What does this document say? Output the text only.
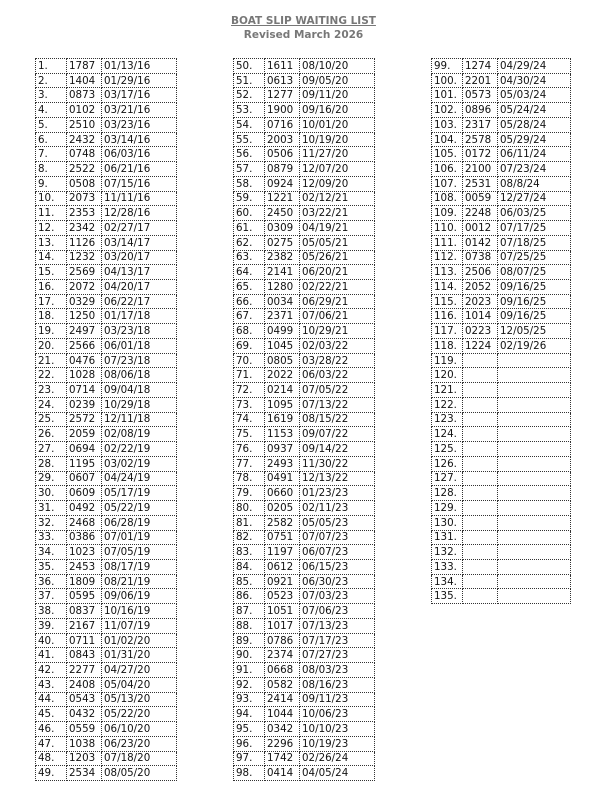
BOAT SLIP WAITING LIST
Revised March 2026
1.	1787	01/13/16
2.	1404	01/29/16
3.	0873	03/17/16
4.	0102	03/21/16
5.	2510	03/23/16
6.	2432	03/14/16
7.	0748	06/03/16
8.	2522	06/21/16
9.	0508	07/15/16
10.	2073	11/11/16
11.	2353	12/28/16
12.	2342	02/27/17
13.	1126	03/14/17
14.	1232	03/20/17
15.	2569	04/13/17
16.	2072	04/20/17
17.	0329	06/22/17
18.	1250	01/17/18
19.	2497	03/23/18
20.	2566	06/01/18
21.	0476	07/23/18
22.	1028	08/06/18
23.	0714	09/04/18
24.	0239	10/29/18
25.	2572	12/11/18
26.	2059	02/08/19
27.	0694	02/22/19
28.	1195	03/02/19
29.	0607	04/24/19
30.	0609	05/17/19
31.	0492	05/22/19
32.	2468	06/28/19
33.	0386	07/01/19
34.	1023	07/05/19
35.	2453	08/17/19
36.	1809	08/21/19
37.	0595	09/06/19
38.	0837	10/16/19
39.	2167	11/07/19
40.	0711	01/02/20
41.	0843	01/31/20
42.	2277	04/27/20
43.	2408	05/04/20
44.	0543	05/13/20
45.	0432	05/22/20
46.	0559	06/10/20
47.	1038	06/23/20
48.	1203	07/18/20
49.	2534	08/05/20
50.	1611	08/10/20
51.	0613	09/05/20
52.	1277	09/11/20
53.	1900	09/16/20
54.	0716	10/01/20
55.	2003	10/19/20
56.	0506	11/27/20
57.	0879	12/07/20
58.	0924	12/09/20
59.	1221	02/12/21
60.	2450	03/22/21
61.	0309	04/19/21
62.	0275	05/05/21
63.	2382	05/26/21
64.	2141	06/20/21
65.	1280	02/22/21
66.	0034	06/29/21
67.	2371	07/06/21
68.	0499	10/29/21
69.	1045	02/03/22
70.	0805	03/28/22
71.	2022	06/03/22
72.	0214	07/05/22
73.	1095	07/13/22
74.	1619	08/15/22
75.	1153	09/07/22
76.	0937	09/14/22
77.	2493	11/30/22
78.	0491	12/13/22
79.	0660	01/23/23
80.	0205	02/11/23
81.	2582	05/05/23
82.	0751	07/07/23
83.	1197	06/07/23
84.	0612	06/15/23
85.	0921	06/30/23
86.	0523	07/03/23
87.	1051	07/06/23
88.	1017	07/13/23
89.	0786	07/17/23
90.	2374	07/27/23
91.	0668	08/03/23
92.	0582	08/16/23
93.	2414	09/11/23
94.	1044	10/06/23
95.	0342	10/10/23
96.	2296	10/19/23
97.	1742	02/26/24
98.	0414	04/05/24
99.	1274	04/29/24
100.	2201	04/30/24
101.	0573	05/03/24
102.	0896	05/24/24
103.	2317	05/28/24
104.	2578	05/29/24
105.	0172	06/11/24
106.	2100	07/23/24
107.	2531	08/8/24
108.	0059	12/27/24
109.	2248	06/03/25
110.	0012	07/17/25
111.	0142	07/18/25
112.	0738	07/25/25
113.	2506	08/07/25
114.	2052	09/16/25
115.	2023	09/16/25
116.	1014	09/16/25
117.	0223	12/05/25
118.	1224	02/19/26
119.		
120.		
121.		
122.		
123.		
124.		
125.		
126.		
127.		
128.		
129.		
130.		
131.		
132.		
133.		
134.		
135.		
